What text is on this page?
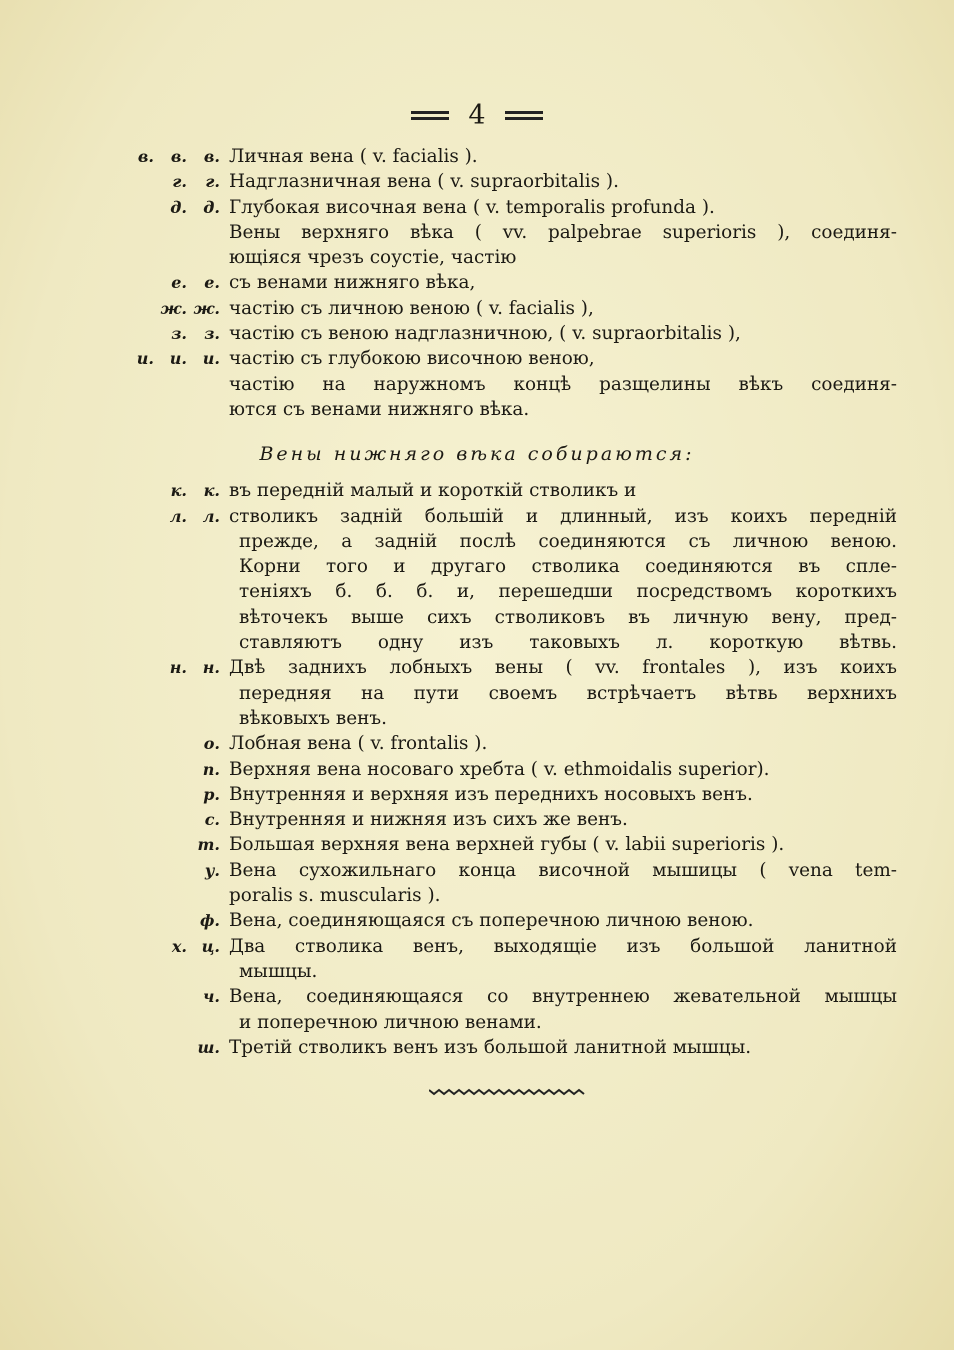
4
в. в. в. Личная вена ( v. facialis ).
г. г. Надглазничная вена ( v. supraorbitalis ).
д. д. Глубокая височная вена ( v. temporalis profunda ).
Вены верхняго вѣка ( vv. palpebrae superioris ), соединя-
ющіяся чрезъ соустіе, частію
е. е. съ венами нижняго вѣка,
ж. ж. частію съ личною веною ( v. facialis ),
з. з. частію съ веною надглазничною, ( v. supraorbitalis ),
и. и. и. частію съ глубокою височною веною,
частію на наружномъ концѣ разщелины вѣкъ соединя-
ются съ венами нижняго вѣка.
Вены нижняго вѣка собираются:
к. к. въ передній малый и короткій стволикъ и
л. л. стволикъ задній большій и длинный, изъ коихъ передній
прежде, а задній послѣ соединяются съ личною веною.
Корни того и другаго стволика соединяются въ спле-
теніяхъ б. б. б. и, перешедши посредствомъ короткихъ
вѣточекъ выше сихъ стволиковъ въ личную вену, пред-
ставляютъ одну изъ таковыхъ л. короткую вѣтвь.
н. н. Двѣ заднихъ лобныхъ вены ( vv. frontales ), изъ коихъ
передняя на пути своемъ встрѣчаетъ вѣтвь верхнихъ
вѣковыхъ венъ.
о. Лобная вена ( v. frontalis ).
п. Верхняя вена носоваго хребта ( v. ethmoidalis superior).
р. Внутренняя и верхняя изъ переднихъ носовыхъ венъ.
с. Внутренняя и нижняя изъ сихъ же венъ.
т. Большая верхняя вена верхней губы ( v. labii superioris ).
у. Вена сухожильнаго конца височной мышицы ( vena tem-
poralis s. muscularis ).
ф. Вена, соединяющаяся съ поперечною личною веною.
х. ц. Два стволика венъ, выходящіе изъ большой ланитной
мышцы.
ч. Вена, соединяющаяся со внутреннею жевательной мышцы
и поперечною личною венами.
ш. Третій стволикъ венъ изъ большой ланитной мышцы.
